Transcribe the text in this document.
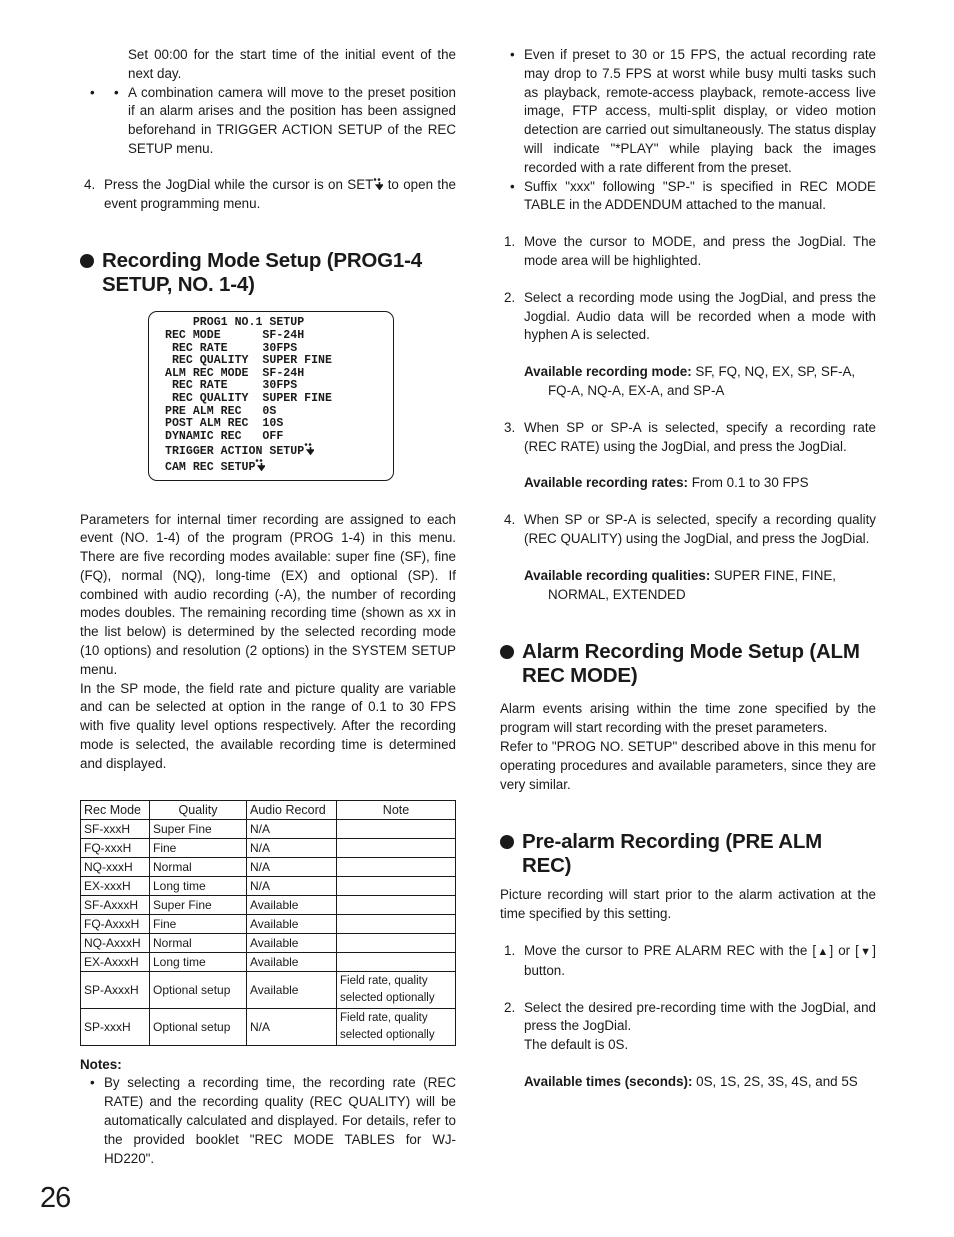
Set 00:00 for the start time of the initial event of the next day.

• • A combination camera will move to the preset position if an alarm arises and the position has been assigned beforehand in TRIGGER ACTION SETUP of the REC SETUP menu.
4. Press the JogDial while the cursor is on SET to open the event programming menu.
Recording Mode Setup (PROG1-4 SETUP, NO. 1-4)
PROG1 NO.1 SETUP
REC MODE      SF-24H
REC RATE     30FPS
REC QUALITY  SUPER FINE
ALM REC MODE  SF-24H
REC RATE     30FPS
REC QUALITY  SUPER FINE
PRE ALM REC   0S
POST ALM REC  10S
DYNAMIC REC   OFF
TRIGGER ACTION SETUP
CAM REC SETUP

Parameters for internal timer recording are assigned to each event (NO. 1-4) of the program (PROG 1-4) in this menu. There are five recording modes available: super fine (SF), fine (FQ), normal (NQ), long-time (EX) and optional (SP). If combined with audio recording (-A), the number of recording modes doubles. The remaining recording time (shown as xx in the list below) is determined by the selected recording mode (10 options) and resolution (2 options) in the SYSTEM SETUP menu.

In the SP mode, the field rate and picture quality are variable and can be selected at option in the range of 0.1 to 30 FPS with five quality level options respectively. After the recording mode is selected, the available recording time is determined and displayed.

Rec Mode	Quality	Audio Record	Note
SF-xxxH	Super Fine	N/A	
FQ-xxxH	Fine	N/A	
NQ-xxxH	Normal	N/A	
EX-xxxH	Long time	N/A	
SF-AxxxH	Super Fine	Available	
FQ-AxxxH	Fine	Available	
NQ-AxxxH	Normal	Available	
EX-AxxxH	Long time	Available	
SP-AxxxH	Optional setup	Available	Field rate, quality selected optionally
SP-xxxH	Optional setup	N/A	Field rate, quality selected optionally

Notes:

• By selecting a recording time, the recording rate (REC RATE) and the recording quality (REC QUALITY) will be automatically calculated and displayed. For details, refer to the provided booklet "REC MODE TABLES for WJ-HD220".
• Even if preset to 30 or 15 FPS, the actual recording rate may drop to 7.5 FPS at worst while busy multi tasks such as playback, remote-access playback, remote-access live image, FTP access, multi-split display, or video motion detection are carried out simultaneously. The status display will indicate "*PLAY" while playing back the images recorded with a rate different from the preset.
• Suffix "xxx" following "SP-" is specified in REC MODE TABLE in the ADDENDUM attached to the manual.
1. Move the cursor to MODE, and press the JogDial. The mode area will be highlighted.
2. Select a recording mode using the JogDial, and press the Jogdial. Audio data will be recorded when a mode with hyphen A is selected.
Available recording mode: SF, FQ, NQ, EX, SP, SF-A,
FQ-A, NQ-A, EX-A, and SP-A
3. When SP or SP-A is selected, specify a recording rate (REC RATE) using the JogDial, and press the JogDial.
Available recording rates: From 0.1 to 30 FPS
4. When SP or SP-A is selected, specify a recording quality (REC QUALITY) using the JogDial, and press the JogDial.
Available recording qualities: SUPER FINE, FINE,
NORMAL, EXTENDED
Alarm Recording Mode Setup (ALM REC MODE)

Alarm events arising within the time zone specified by the program will start recording with the preset parameters.

Refer to "PROG NO. SETUP" described above in this menu for operating procedures and available parameters, since they are very similar.

Pre-alarm Recording (PRE ALM REC)

Picture recording will start prior to the alarm activation at the time specified by this setting.

1. Move the cursor to PRE ALARM REC with the [▲] or [▼] button.
2. Select the desired pre-recording time with the JogDial, and press the JogDial.
The default is 0S.
Available times (seconds): 0S, 1S, 2S, 3S, 4S, and 5S
26
